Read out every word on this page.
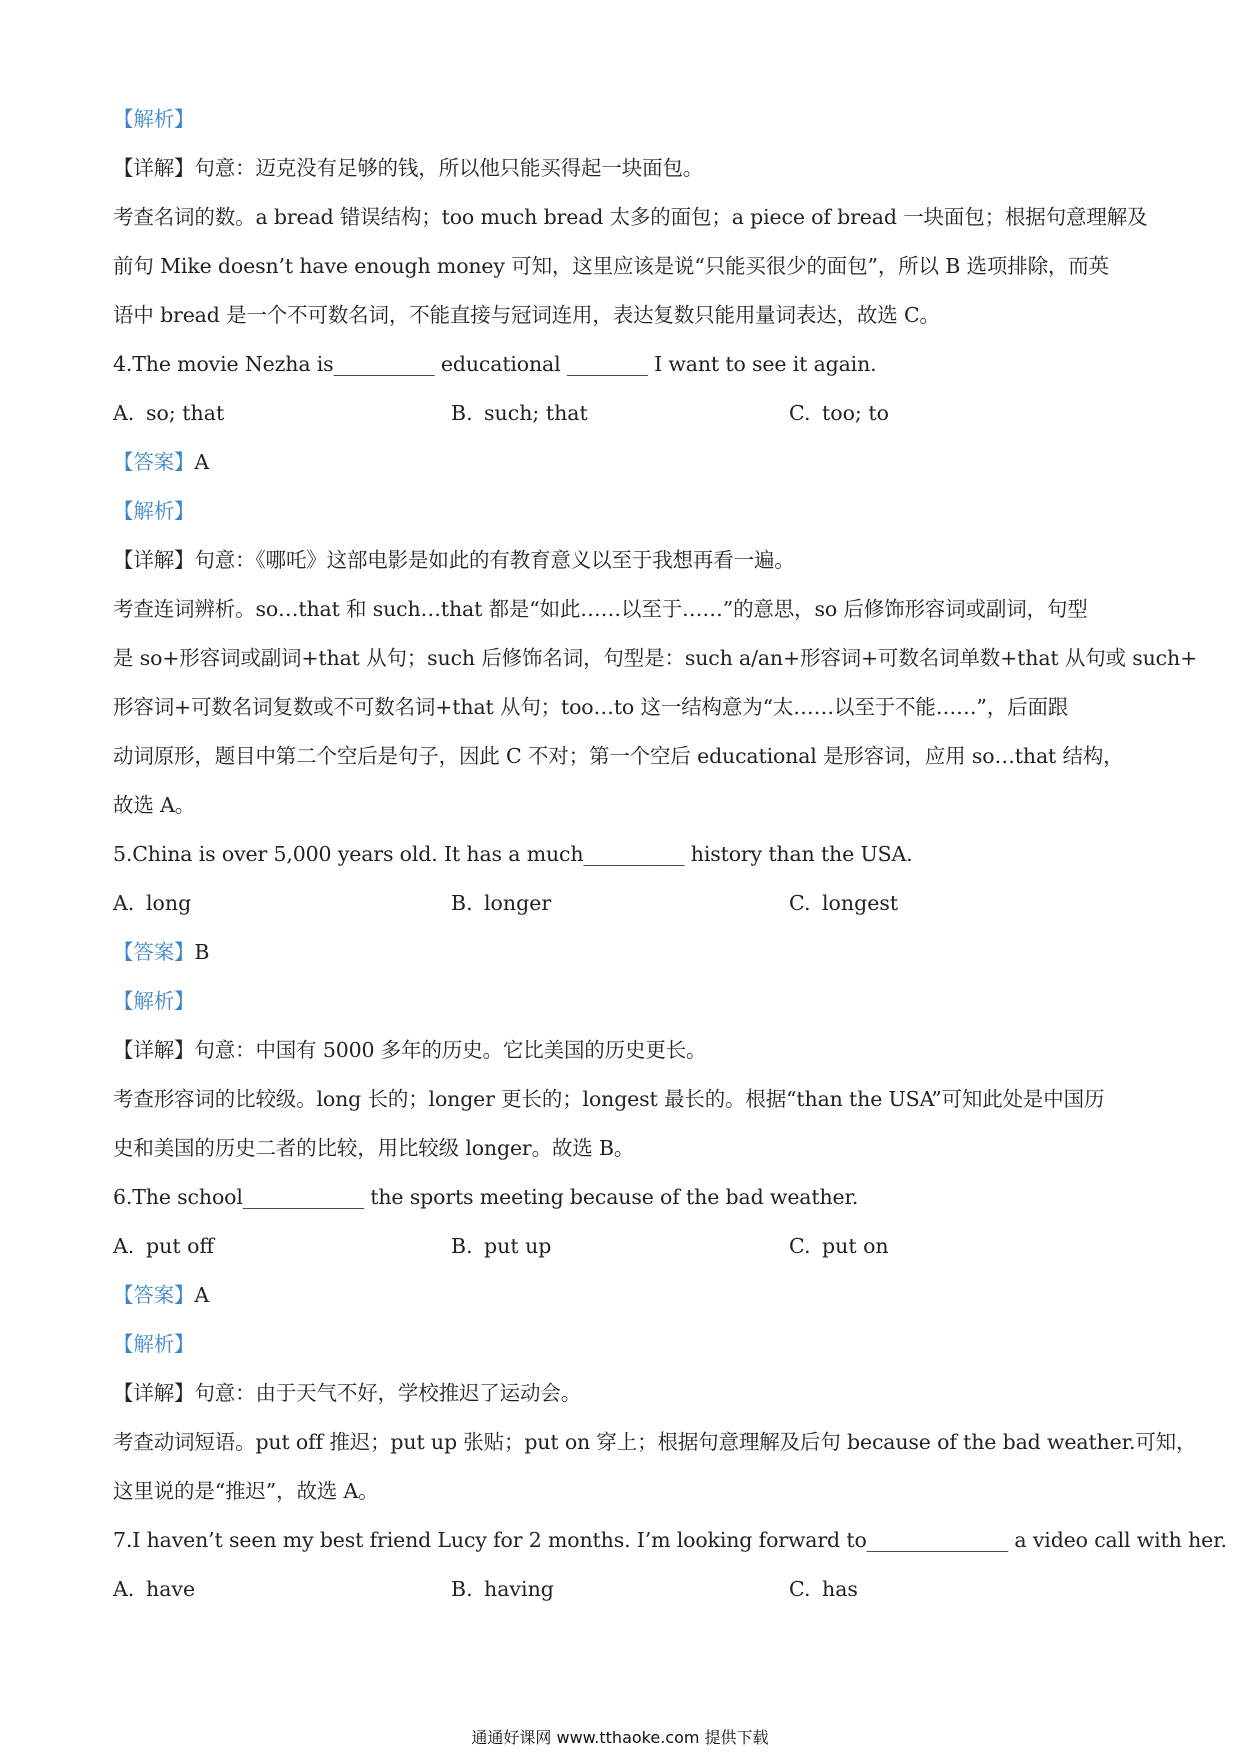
【解析】
【详解】句意：迈克没有足够的钱，所以他只能买得起一块面包。
考查名词的数。a bread 错误结构；too much bread 太多的面包；a piece of bread 一块面包；根据句意理解及
前句 Mike doesn’t have enough money 可知，这里应该是说“只能买很少的面包”，所以 B 选项排除，而英
语中 bread 是一个不可数名词，不能直接与冠词连用，表达复数只能用量词表达，故选 C。
4.The movie Nezha is__________ educational ________ I want to see it again.
A. so; that	B. such; that	C. too; to
【答案】A
【解析】
【详解】句意：《哪吒》这部电影是如此的有教育意义以至于我想再看一遍。
考查连词辨析。so…that 和 such…that 都是“如此……以至于……”的意思，so 后修饰形容词或副词，句型
是 so+形容词或副词+that 从句；such 后修饰名词，句型是：such a/an+形容词+可数名词单数+that 从句或 such+
形容词+可数名词复数或不可数名词+that 从句；too…to 这一结构意为“太……以至于不能……”，后面跟
动词原形，题目中第二个空后是句子，因此 C 不对；第一个空后 educational 是形容词，应用 so…that 结构，
故选 A。
5.China is over 5,000 years old. It has a much__________ history than the USA.
A. long	B. longer	C. longest
【答案】B
【解析】
【详解】句意：中国有 5000 多年的历史。它比美国的历史更长。
考查形容词的比较级。long 长的；longer 更长的；longest 最长的。根据“than the USA”可知此处是中国历
史和美国的历史二者的比较，用比较级 longer。故选 B。
6.The school____________ the sports meeting because of the bad weather.
A. put off	B. put up	C. put on
【答案】A
【解析】
【详解】句意：由于天气不好，学校推迟了运动会。
考查动词短语。put off 推迟；put up 张贴；put on 穿上；根据句意理解及后句 because of the bad weather.可知，
这里说的是“推迟”，故选 A。
7.I haven’t seen my best friend Lucy for 2 months. I’m looking forward to______________ a video call with her.
A. have	B. having	C. has
通通好课网 www.tthaoke.com 提供下载
